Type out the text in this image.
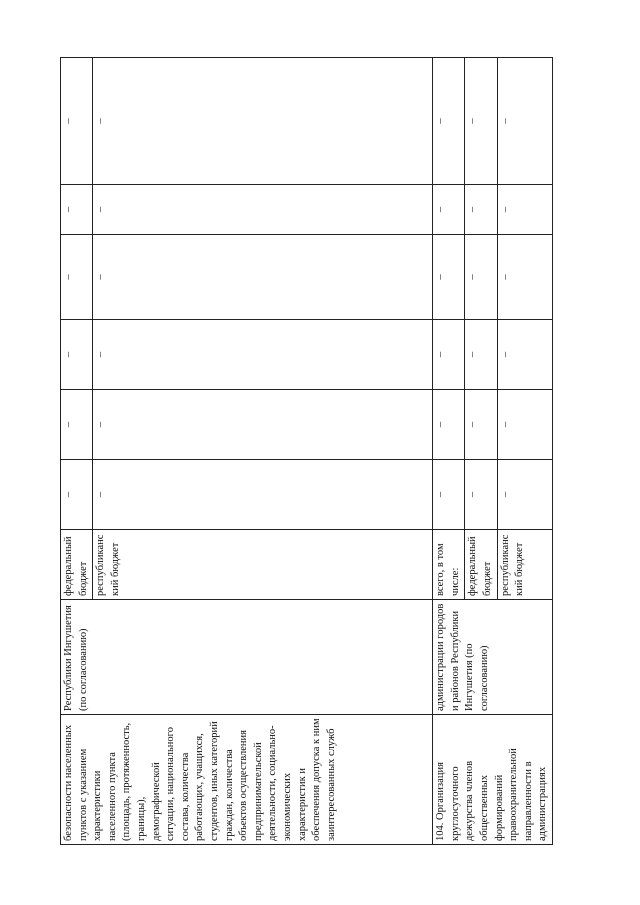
безопасности населенных пунктов с указанием характеристики населенного пункта (площадь, протяженность, границы), демографической ситуации, национального состава, количества работающих, учащихся, студентов, иных категорий граждан, количества объектов осуществления предпринимательской деятельности, социально-экономических характеристик и обеспечения допуска к ним заинтересованных служб	Республики Ингушетия (по согласованию)	федеральный бюджет	–	–	–	–	–	–
		республиканский бюджет	–	–	–	–	–	–
104. Организация круглосуточного дежурства членов общественных формирований правоохранительной направленности в администрациях	администрации городов и районов Республики Ингушетия (по согласованию)	всего, в том числе:	–	–	–	–	–	–
		федеральный бюджет	–	–	–	–	–	–
		республиканский бюджет	–	–	–	–	–	–
